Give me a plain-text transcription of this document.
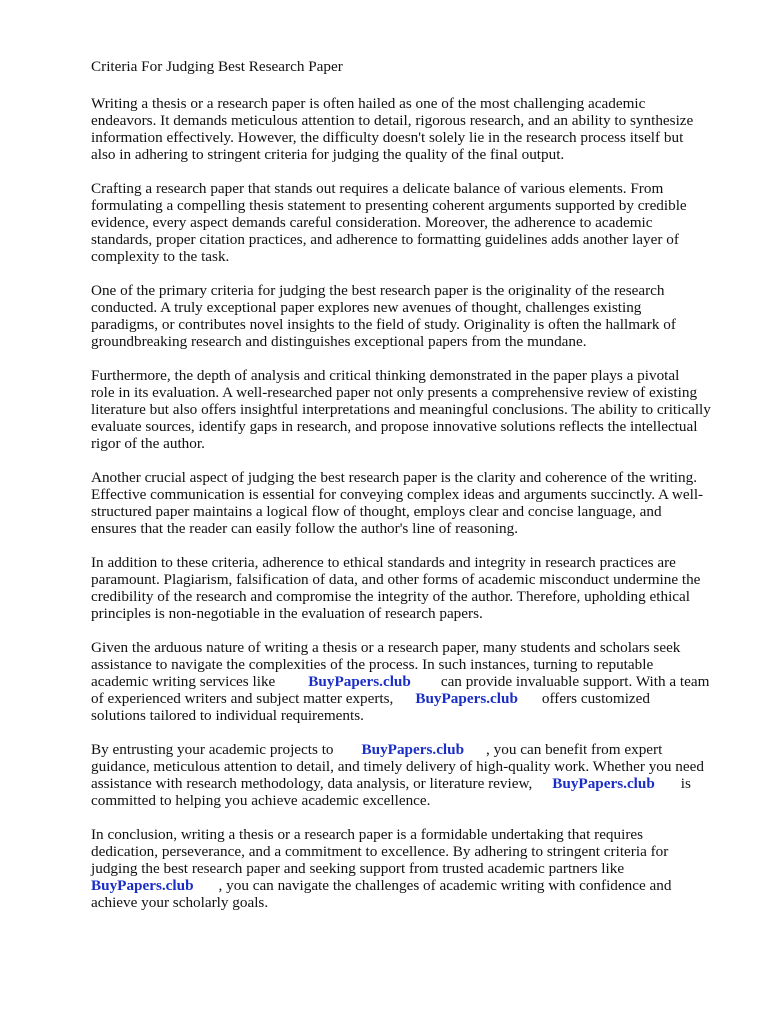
Criteria For Judging Best Research Paper
Writing a thesis or a research paper is often hailed as one of the most challenging academic
endeavors. It demands meticulous attention to detail, rigorous research, and an ability to synthesize
information effectively. However, the difficulty doesn't solely lie in the research process itself but
also in adhering to stringent criteria for judging the quality of the final output.
Crafting a research paper that stands out requires a delicate balance of various elements. From
formulating a compelling thesis statement to presenting coherent arguments supported by credible
evidence, every aspect demands careful consideration. Moreover, the adherence to academic
standards, proper citation practices, and adherence to formatting guidelines adds another layer of
complexity to the task.
One of the primary criteria for judging the best research paper is the originality of the research
conducted. A truly exceptional paper explores new avenues of thought, challenges existing
paradigms, or contributes novel insights to the field of study. Originality is often the hallmark of
groundbreaking research and distinguishes exceptional papers from the mundane.
Furthermore, the depth of analysis and critical thinking demonstrated in the paper plays a pivotal
role in its evaluation. A well-researched paper not only presents a comprehensive review of existing
literature but also offers insightful interpretations and meaningful conclusions. The ability to critically
evaluate sources, identify gaps in research, and propose innovative solutions reflects the intellectual
rigor of the author.
Another crucial aspect of judging the best research paper is the clarity and coherence of the writing.
Effective communication is essential for conveying complex ideas and arguments succinctly. A well-
structured paper maintains a logical flow of thought, employs clear and concise language, and
ensures that the reader can easily follow the author's line of reasoning.
In addition to these criteria, adherence to ethical standards and integrity in research practices are
paramount. Plagiarism, falsification of data, and other forms of academic misconduct undermine the
credibility of the research and compromise the integrity of the author. Therefore, upholding ethical
principles is non-negotiable in the evaluation of research papers.
Given the arduous nature of writing a thesis or a research paper, many students and scholars seek
assistance to navigate the complexities of the process. In such instances, turning to reputable
academic writing services like BuyPapers.club can provide invaluable support. With a team
of experienced writers and subject matter experts, BuyPapers.club offers customized
solutions tailored to individual requirements.
By entrusting your academic projects to BuyPapers.club , you can benefit from expert
guidance, meticulous attention to detail, and timely delivery of high-quality work. Whether you need
assistance with research methodology, data analysis, or literature review, BuyPapers.club is
committed to helping you achieve academic excellence.
In conclusion, writing a thesis or a research paper is a formidable undertaking that requires
dedication, perseverance, and a commitment to excellence. By adhering to stringent criteria for
judging the best research paper and seeking support from trusted academic partners like
BuyPapers.club , you can navigate the challenges of academic writing with confidence and
achieve your scholarly goals.
